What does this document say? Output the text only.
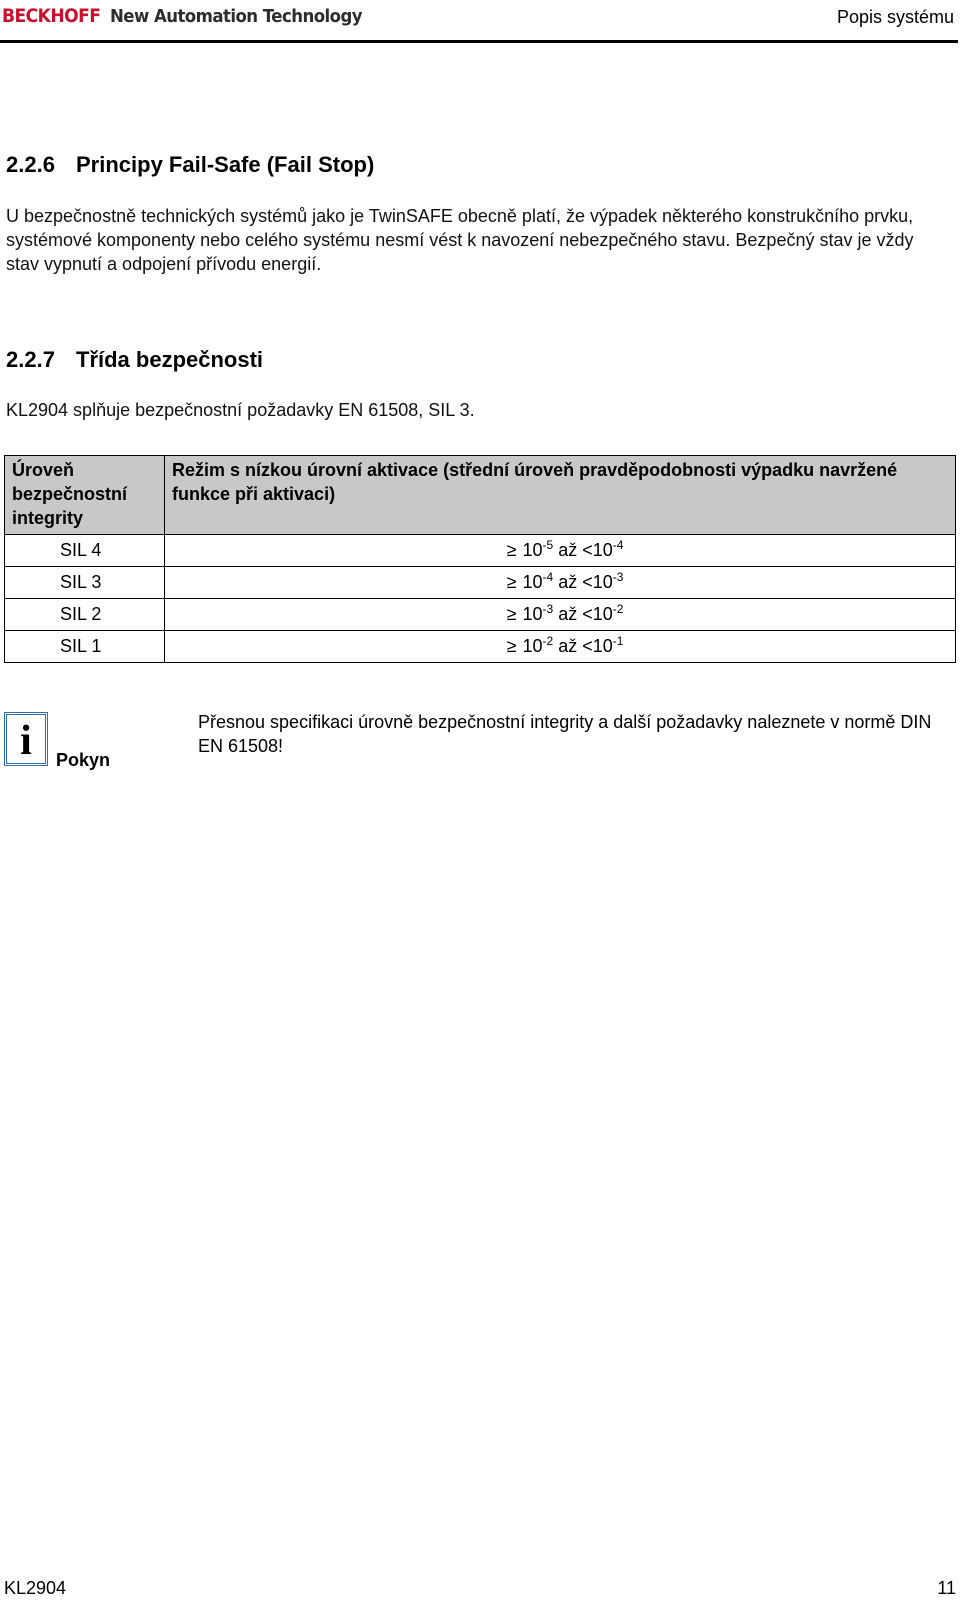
BECKHOFF New Automation Technology	Popis systému
2.2.6 Principy Fail-Safe (Fail Stop)

U bezpečnostně technických systémů jako je TwinSAFE obecně platí, že výpadek některého konstrukčního prvku, systémové komponenty nebo celého systému nesmí vést k navození nebezpečného stavu. Bezpečný stav je vždy stav vypnutí a odpojení přívodu energií.

2.2.7 Třída bezpečnosti

KL2904 splňuje bezpečnostní požadavky EN 61508, SIL 3.

Úroveň bezpečnostní integrity	Režim s nízkou úrovní aktivace (střední úroveň pravděpodobnosti výpadku navržené funkce při aktivaci)
SIL 4	≥ $10^{-5}$ až $<10^{-4}$
SIL 3	≥ $10^{-4}$ až $<10^{-3}$
SIL 2	≥ $10^{-3}$ až $<10^{-2}$
SIL 1	≥ $10^{-2}$ až $<10^{-1}$
i	Pokyn

Přesnou specifikaci úrovně bezpečnostní integrity a další požadavky naleznete v normě DIN EN 61508!

KL2904	11
